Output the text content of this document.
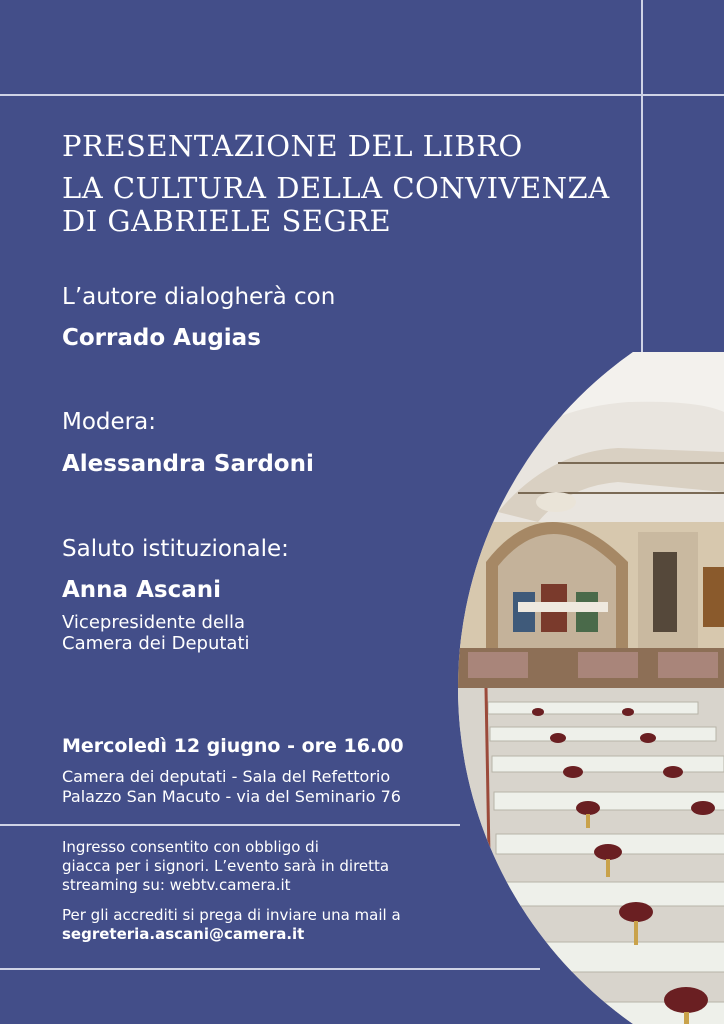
PRESENTAZIONE DEL LIBRO
LA CULTURA DELLA CONVIVENZA
DI GABRIELE SEGRE
L’autore dialogherà con
Corrado Augias
Modera:
Alessandra Sardoni
Saluto istituzionale:
Anna Ascani
Vicepresidente della
Camera dei Deputati
Mercoledì 12 giugno - ore 16.00
Camera dei deputati - Sala del Refettorio
Palazzo San Macuto - via del Seminario 76
Ingresso consentito con obbligo di
giacca per i signori. L’evento sarà in diretta
streaming su: webtv.camera.it
Per gli accrediti si prega di inviare una mail a
segreteria.ascani@camera.it
